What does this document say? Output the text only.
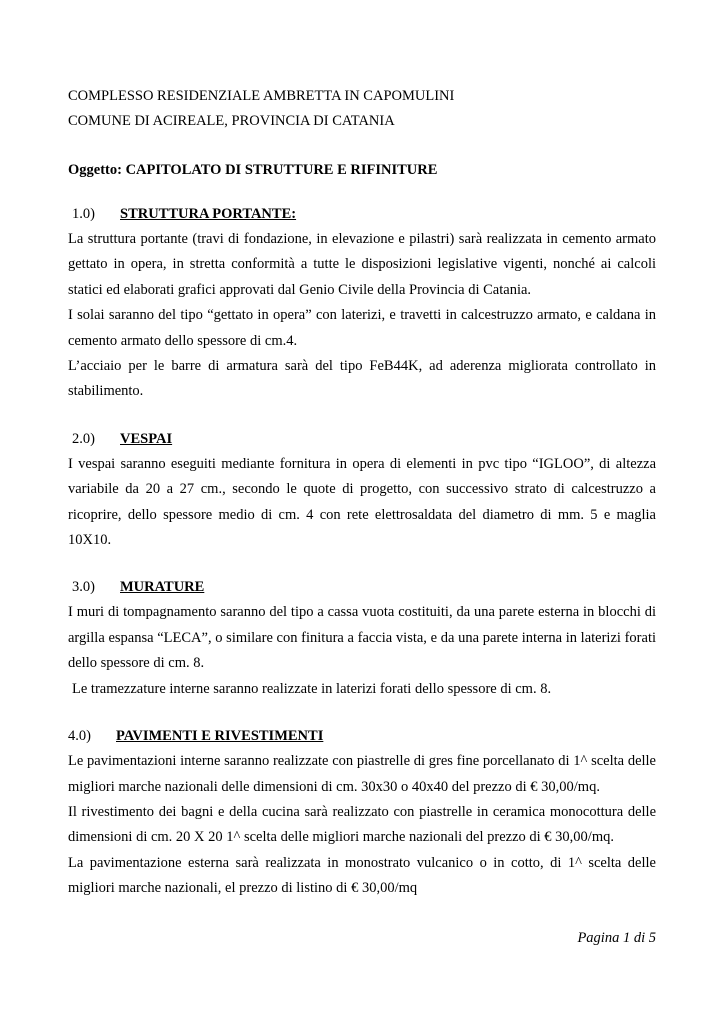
COMPLESSO RESIDENZIALE AMBRETTA IN CAPOMULINI

COMUNE DI ACIREALE, PROVINCIA DI CATANIA

Oggetto: CAPITOLATO DI STRUTTURE E RIFINITURE
1.0) STRUTTURA PORTANTE:

La struttura portante (travi di fondazione, in elevazione e pilastri) sarà realizzata in cemento armato gettato in opera, in stretta conformità a tutte le disposizioni legislative vigenti, nonché ai calcoli statici ed elaborati grafici approvati dal Genio Civile della Provincia di Catania.

I solai saranno del tipo “gettato in opera” con laterizi, e travetti in calcestruzzo armato, e caldana in cemento armato dello spessore di cm.4.

L’acciaio per le barre di armatura sarà del tipo FeB44K, ad aderenza migliorata controllato in stabilimento.

2.0) VESPAI

I vespai saranno eseguiti mediante fornitura in opera di elementi in pvc tipo “IGLOO”, di altezza variabile da 20 a 27 cm., secondo le quote di progetto, con successivo strato di calcestruzzo a ricoprire, dello spessore medio di cm. 4 con rete elettrosaldata del diametro di mm. 5 e maglia 10X10.

3.0) MURATURE

I muri di tompagnamento saranno del tipo a cassa vuota costituiti, da una parete esterna in blocchi di argilla espansa “LECA”, o similare con finitura a faccia vista, e da una parete interna in laterizi forati dello spessore di cm. 8.

Le tramezzature interne saranno realizzate in laterizi forati dello spessore di cm. 8.

4.0) PAVIMENTI E RIVESTIMENTI

Le pavimentazioni interne saranno realizzate con piastrelle di gres fine porcellanato di 1^ scelta delle migliori marche nazionali delle dimensioni di cm. 30x30 o 40x40 del prezzo di € 30,00/mq.

Il rivestimento dei bagni e della cucina sarà realizzato con piastrelle in ceramica monocottura delle dimensioni di cm. 20 X 20 1^ scelta delle migliori marche nazionali del prezzo di € 30,00/mq.

La pavimentazione esterna sarà realizzata in monostrato vulcanico o in cotto, di 1^ scelta delle migliori marche nazionali, el prezzo di listino di € 30,00/mq

Pagina 1 di 5
